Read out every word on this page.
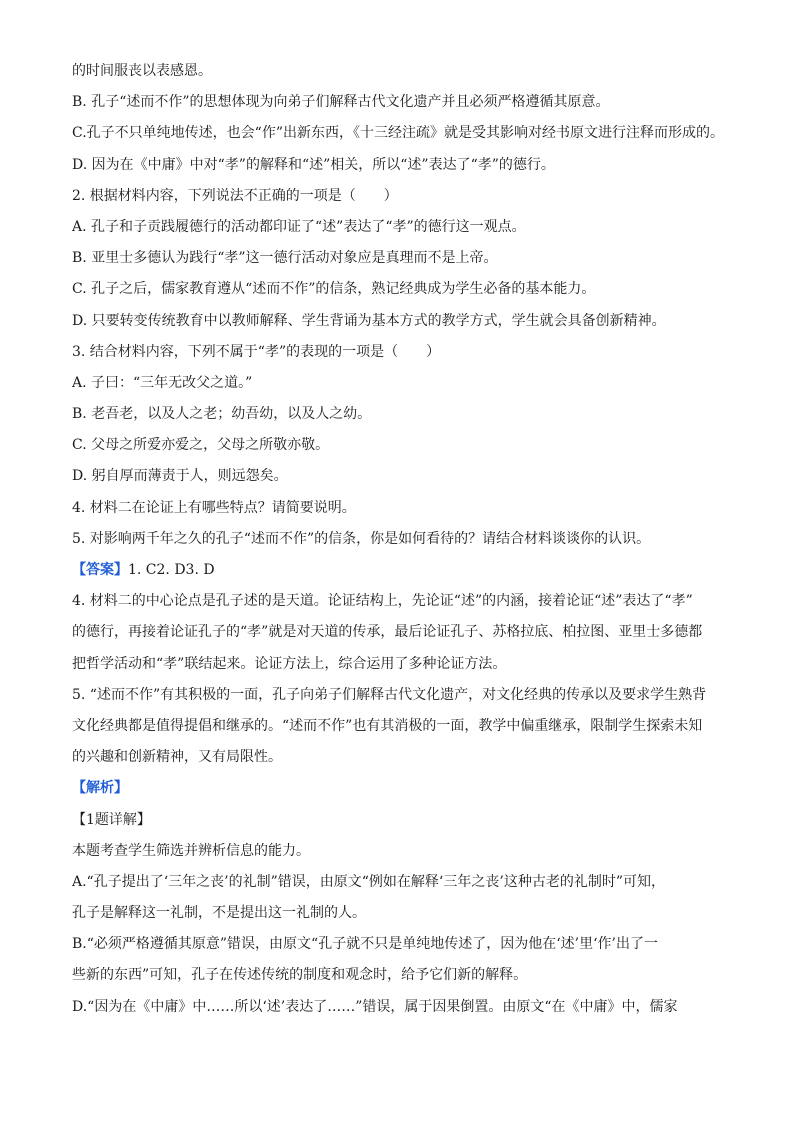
的时间服丧以表感恩。
B. 孔子“述而不作”的思想体现为向弟子们解释古代文化遗产并且必须严格遵循其原意。
C.孔子不只单纯地传述，也会“作”出新东西，《十三经注疏》就是受其影响对经书原文进行注释而形成的。
D. 因为在《中庸》中对“孝”的解释和“述”相关，所以“述”表达了“孝”的德行。
2. 根据材料内容，下列说法不正确的一项是（　　）
A. 孔子和子贡践履德行的活动都印证了“述”表达了“孝”的德行这一观点。
B. 亚里士多德认为践行“孝”这一德行活动对象应是真理而不是上帝。
C. 孔子之后，儒家教育遵从“述而不作”的信条，熟记经典成为学生必备的基本能力。
D. 只要转变传统教育中以教师解释、学生背诵为基本方式的教学方式，学生就会具备创新精神。
3. 结合材料内容，下列不属于“孝”的表现的一项是（　　）
A. 子曰：“三年无改父之道。”
B. 老吾老，以及人之老；幼吾幼，以及人之幼。
C. 父母之所爱亦爱之，父母之所敬亦敬。
D. 躬自厚而薄责于人，则远怨矣。
4. 材料二在论证上有哪些特点？请简要说明。
5. 对影响两千年之久的孔子“述而不作”的信条，你是如何看待的？请结合材料谈谈你的认识。
【答案】1. C2. D3. D
4. 材料二的中心论点是孔子述的是天道。论证结构上，先论证“述”的内涵，接着论证“述”表达了“孝”
的德行，再接着论证孔子的“孝”就是对天道的传承，最后论证孔子、苏格拉底、柏拉图、亚里士多德都
把哲学活动和“孝”联结起来。论证方法上，综合运用了多种论证方法。
5. “述而不作”有其积极的一面，孔子向弟子们解释古代文化遗产，对文化经典的传承以及要求学生熟背
文化经典都是值得提倡和继承的。“述而不作”也有其消极的一面，教学中偏重继承，限制学生探索未知
的兴趣和创新精神，又有局限性。
【解析】
【1题详解】
本题考查学生筛选并辨析信息的能力。
A.“孔子提出了‘三年之丧’的礼制”错误，由原文“例如在解释‘三年之丧’这种古老的礼制时”可知，
孔子是解释这一礼制，不是提出这一礼制的人。
B.“必须严格遵循其原意”错误，由原文“孔子就不只是单纯地传述了，因为他在‘述’里‘作’出了一
些新的东西”可知，孔子在传述传统的制度和观念时，给予它们新的解释。
D.“因为在《中庸》中……所以‘述’表达了……”错误，属于因果倒置。由原文“在《中庸》中，儒家
